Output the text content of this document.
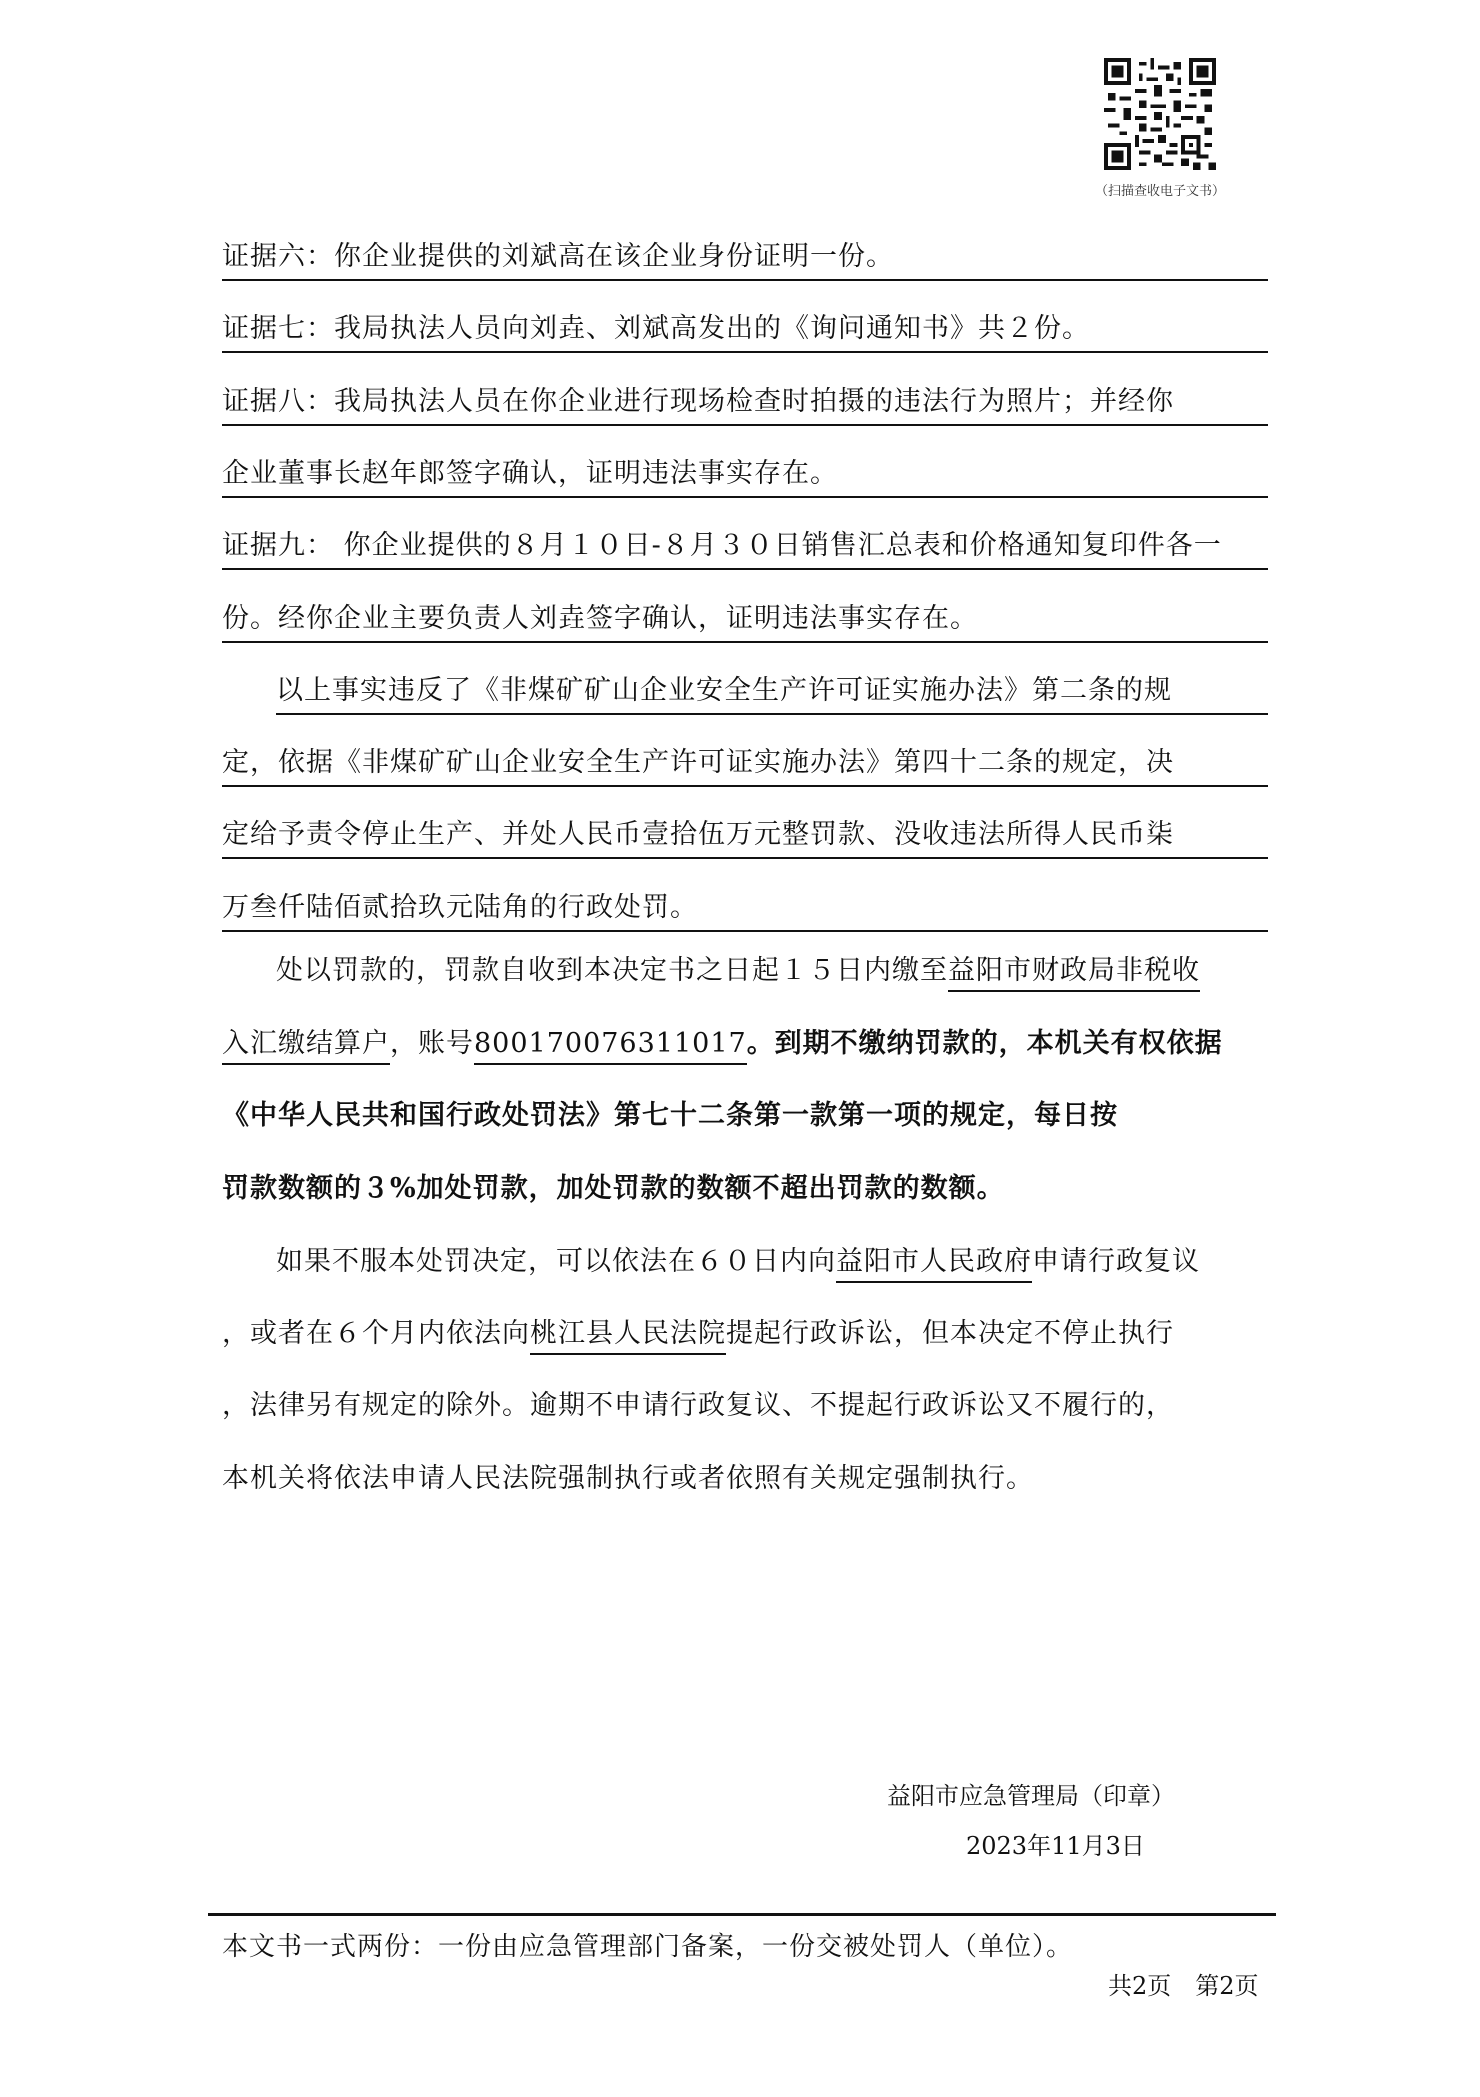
（扫描查收电子文书）
证据六：你企业提供的刘斌高在该企业身份证明一份。
证据七：我局执法人员向刘垚、刘斌高发出的《询问通知书》共２份。
证据八：我局执法人员在你企业进行现场检查时拍摄的违法行为照片；并经你
企业董事长赵年郎签字确认，证明违法事实存在。
证据九： 你企业提供的８月１０日-８月３０日销售汇总表和价格通知复印件各一
份。经你企业主要负责人刘垚签字确认，证明违法事实存在。
以上事实违反了《非煤矿矿山企业安全生产许可证实施办法》第二条的规
定，依据《非煤矿矿山企业安全生产许可证实施办法》第四十二条的规定，决
定给予责令停止生产、并处人民币壹拾伍万元整罚款、没收违法所得人民币柒
万叁仟陆佰贰拾玖元陆角的行政处罚。
处以罚款的，罚款自收到本决定书之日起１５日内缴至益阳市财政局非税收
入汇缴结算户，账号800170076311017。到期不缴纳罚款的，本机关有权依据
《中华人民共和国行政处罚法》第七十二条第一款第一项的规定，每日按
罚款数额的３%加处罚款，加处罚款的数额不超出罚款的数额。
如果不服本处罚决定，可以依法在６０日内向益阳市人民政府申请行政复议
，或者在６个月内依法向桃江县人民法院提起行政诉讼，但本决定不停止执行
，法律另有规定的除外。逾期不申请行政复议、不提起行政诉讼又不履行的，
本机关将依法申请人民法院强制执行或者依照有关规定强制执行。
益阳市应急管理局（印章）
2023年11月3日
本文书一式两份：一份由应急管理部门备案，一份交被处罚人（单位）。
共2页　第2页
